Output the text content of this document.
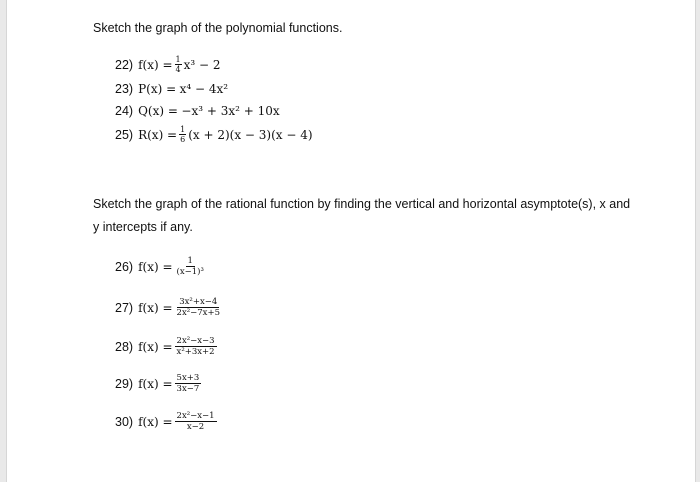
Sketch the graph of the polynomial functions.
22) $f(x) = \frac{1}{4} x^3 - 2$
23) P(x) =
x⁴ − 4x²
24) Q(x) =
−x³ + 3x² + 10x
25) $R(x) = \frac{1}{6} (x + 2)(x - 3)(x - 4)$
Sketch the graph of the rational function by finding the vertical and horizontal asymptote(s), x and y intercepts if any.
26) $f(x) = \frac{1}{\text{(x−1)³}}$
27) $f(x) = \frac{\text{3x²+x−4}}{\text{2x²−7x+5}}$
28) $f(x) = \frac{\text{2x²−x−3}}{\text{x²+3x+2}}$
29) $f(x) = \frac{5x+3}{3x-7}$
30) $f(x) = \frac{\text{2x²−x−1}}{x-2}$
